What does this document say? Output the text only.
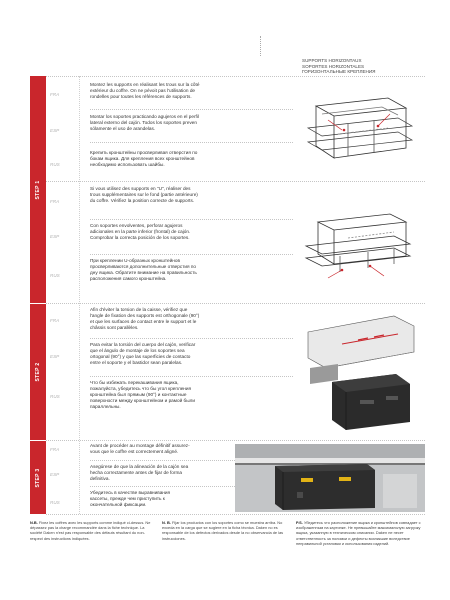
SUPPORTS HORIZONTAUX
SOPORTES HORIZONTALES
ГОРИЗОНТАЛЬНЫЕ КРЕПЛЕНИЯ
STEP 1
STEP 2
STEP 3
FRA
Montez les supports en réalisant les trous sur la côté extérieur du coffre. On ne pévoit pas l'utilisation de rondelles pour toutes les références de supports.
ESP
Montar los soportes practicando agujeros en el perfil lateral externo del cajón. Todos los soportes preven sólamente el uso de arandelas.
RUS
Крепить кронштейны просверливая отверстия по бокам ящика. Для крепления всех кронштейнов необходимо использовать шайбы.
FRA
Si vous utilisez des supports en "U", réaliser des trous supplémentaires sur le fond (partie antérieure) du coffre. Vérifiez la position correcte de supports.
ESP
Con soportes envolventes, perforar agujeros adicionales en la parte inferior (frontal) de cajón. Comprobar la correcta posición de los soportes.
RUS
При креплении U-образных кронштейнов просверливаются дополнительные отверстия по дну ящика. Обратите внимание на правильность расположения самого кронштейна.
FRA
Afin d'éviter la torsion de la caisse, vérifiez que l'angle de fixation des supports est orthogonale (90°) et que les surfaces de contact entre le support et le châssis sont parallèles.
ESP
Para evitar la torsión del cuerpo del cajón, verificar que el ángulo de montaje de los soportes sea ortogonal (90°) y que las superficies de contacto entre el soporte y el bastidor sean paralelas.
RUS
Что бы избежать перекашивания ящика, пожалуйста, убедитесь что бы угол крепления кронштейна был прямым (90°) и контактные поверхности между кронштейном и рамой были параллельны.
FRA
Avant de procéder au montage définitif assurez-vous que le coffre est correctement aligné.
ESP
Asegúrese de que la alineación de la cajón sea hecha correctamente antes de fijar de forma definitiva.
RUS
Убедитесь в качестве выравнивания кассеты, прежде чем приступить к окончательной фиксации.
N.B. Fixez les coffres avec les supports comme indiqué ci-dessus. Ne dépassez pas la charge recommandée dans la fiche technique. La société Daken n'est pas responsable des défauts résultant du non-respect des instructions indiquées.
N. B. Fijar los productos con los soportes como se muestra arriba. No exceda en la carga que se sugiere en la ficha técnica. Daken no es responsable de los defectos derivados desde la no observancia de las instrucciones.
P.S. Убедитесь что расположение ящика и кронштейнов совпадает с изображенным на картинке. Не превышайте максимальную загрузку ящика, указанную в техническом описании. Daken не несет ответственность за поломки и дефекты возникшие вследствие неправильной установки и использования изделий.
